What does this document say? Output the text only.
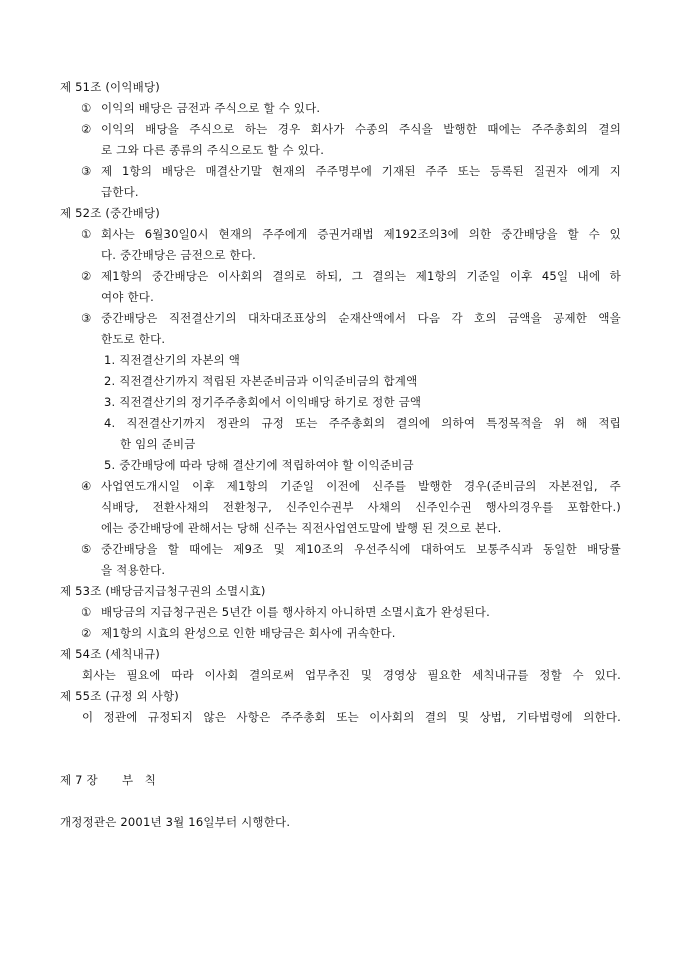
제 51조 (이익배당)
① 이익의 배당은 금전과 주식으로 할 수 있다.
② 이익의 배당을 주식으로 하는 경우 회사가 수종의 주식을 발행한 때에는 주주총회의 결의
로 그와 다른 종류의 주식으로도 할 수 있다.
③ 제 1항의 배당은 매결산기말 현재의 주주명부에 기재된 주주 또는 등록된 질권자 에게 지
급한다.
제 52조 (중간배당)
① 회사는 6월30일0시 현재의 주주에게 증권거래법 제192조의3에 의한 중간배당을 할 수 있
다. 중간배당은 금전으로 한다.
② 제1항의 중간배당은 이사회의 결의로 하되, 그 결의는 제1항의 기준일 이후 45일 내에 하
여야 한다.
③ 중간배당은 직전결산기의 대차대조표상의 순재산액에서 다음 각 호의 금액을 공제한 액을
한도로 한다.
1. 직전결산기의 자본의 액
2. 직전결산기까지 적립된 자본준비금과 이익준비금의 합계액
3. 직전결산기의 정기주주총회에서 이익배당 하기로 정한 금액
4. 직전결산기까지 정관의 규정 또는 주주총회의 결의에 의하여 특정목적을 위 해 적립
한 임의 준비금
5. 중간배당에 따라 당해 결산기에 적립하여야 할 이익준비금
④ 사업연도개시일 이후 제1항의 기준일 이전에 신주를 발행한 경우(준비금의 자본전입, 주
식배당, 전환사채의 전환청구, 신주인수권부 사채의 신주인수권 행사의경우를 포함한다.)
에는 중간배당에 관해서는 당해 신주는 직전사업연도말에 발행 된 것으로 본다.
⑤ 중간배당을 할 때에는 제9조 및 제10조의 우선주식에 대하여도 보통주식과 동일한 배당률
을 적용한다.
제 53조 (배당금지급청구권의 소멸시효)
① 배당금의 지급청구권은 5년간 이를 행사하지 아니하면 소멸시효가 완성된다.
② 제1항의 시효의 완성으로 인한 배당금은 회사에 귀속한다.
제 54조 (세칙내규)
회사는 필요에 따라 이사회 결의로써 업무추진 및 경영상 필요한 세칙내규를 정할 수 있다.
제 55조 (규정 외 사항)
이 정관에 규정되지 않은 사항은 주주총회 또는 이사회의 결의 및 상법, 기타법령에 의한다.
제 7 장 부 칙
개정정관은 2001년 3월 16일부터 시행한다.
